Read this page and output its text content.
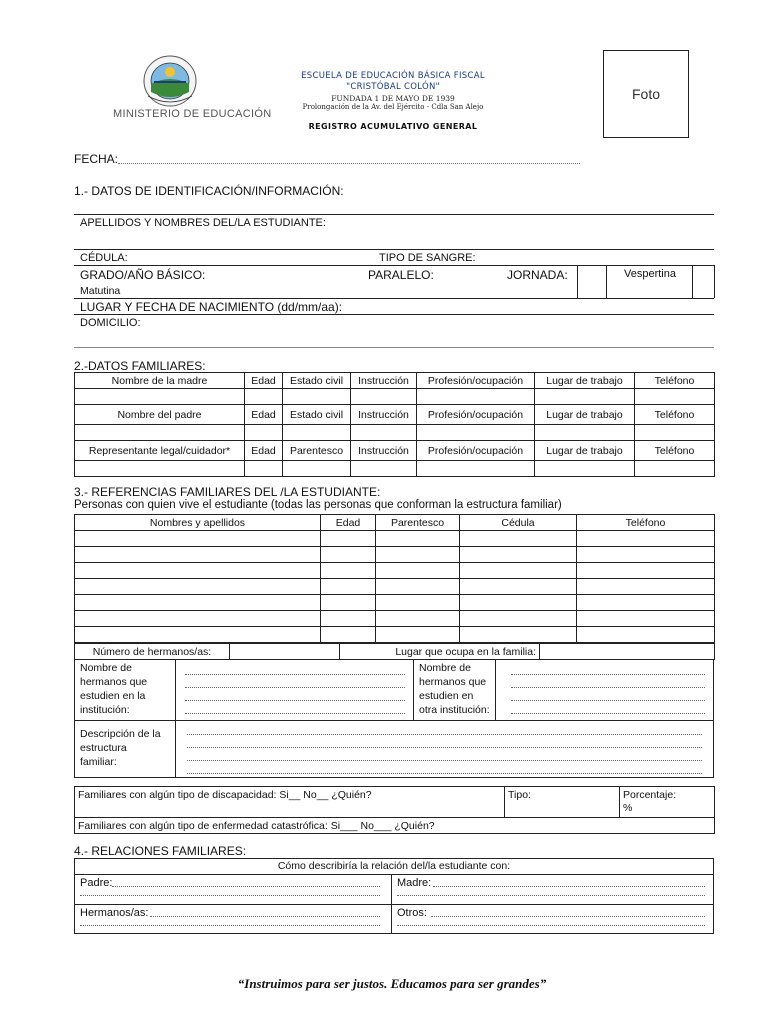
MINISTERIO DE EDUCACIÓN
ESCUELA DE EDUCACIÓN BÁSICA FISCAL
"CRISTÓBAL COLÓN"
FUNDADA 1 DE MAYO DE 1939
Prolongación de la Av. del Ejército - Cdla San Alejo
REGISTRO ACUMULATIVO GENERAL
Foto
FECHA:
1.- DATOS DE IDENTIFICACIÓN/INFORMACIÓN:
APELLIDOS Y NOMBRES DEL/LA ESTUDIANTE:
CÉDULA:	TIPO DE SANGRE:
GRADO/AÑO BÁSICO:	PARALELO:	JORNADA:	Vespertina
Matutina
LUGAR Y FECHA DE NACIMIENTO (dd/mm/aa):
DOMICILIO:
2.-DATOS FAMILIARES:
Nombre de la madre	Edad	Estado civil	Instrucción	Profesión/ocupación	Lugar de trabajo	Teléfono

Nombre del padre	Edad	Estado civil	Instrucción	Profesión/ocupación	Lugar de trabajo	Teléfono

Representante legal/cuidador*	Edad	Parentesco	Instrucción	Profesión/ocupación	Lugar de trabajo	Teléfono

3.- REFERENCIAS FAMILIARES DEL /LA ESTUDIANTE:
Personas con quien vive el estudiante (todas las personas que conforman la estructura familiar)
Nombres y apellidos	Edad	Parentesco	Cédula	Teléfono

Número de hermanos/as:		Lugar que ocupa en la familia:	
Nombre de
hermanos que
estudien en la
institución:
Nombre de
hermanos que
estudien en
otra institución:
Descripción de la
estructura
familiar:
Familiares con algún tipo de discapacidad: Si__ No__ ¿Quién?	Tipo:	Porcentaje:
%

Familiares con algún tipo de enfermedad catastrófica: Si___ No___ ¿Quién?
4.- RELACIONES FAMILIARES:
Cómo describiría la relación del/la estudiante con:
Padre:	Madre:
Hermanos/as:	Otros:
“Instruimos para ser justos. Educamos para ser grandes”
